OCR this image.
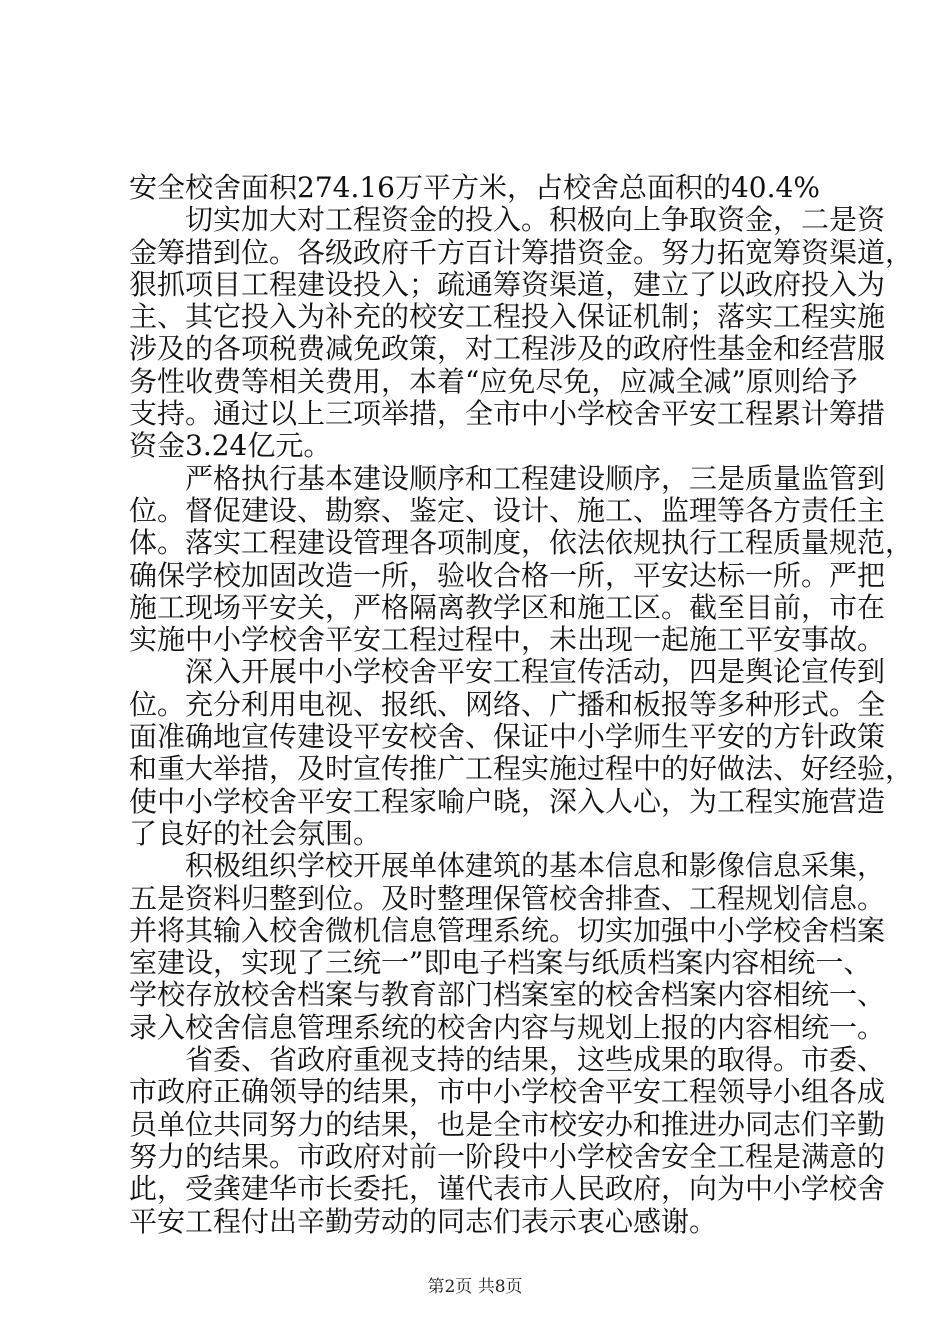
安全校舍面积274.16万平方米，占校舍总面积的40.4%
切实加大对工程资金的投入。积极向上争取资金，二是资
金筹措到位。各级政府千方百计筹措资金。努力拓宽筹资渠道，
狠抓项目工程建设投入；疏通筹资渠道，建立了以政府投入为
主、其它投入为补充的校安工程投入保证机制；落实工程实施
涉及的各项税费减免政策，对工程涉及的政府性基金和经营服
务性收费等相关费用，本着“应免尽免，应减全减”原则给予
支持。通过以上三项举措，全市中小学校舍平安工程累计筹措
资金3.24亿元。
严格执行基本建设顺序和工程建设顺序，三是质量监管到
位。督促建设、勘察、鉴定、设计、施工、监理等各方责任主
体。落实工程建设管理各项制度，依法依规执行工程质量规范，
确保学校加固改造一所，验收合格一所，平安达标一所。严把
施工现场平安关，严格隔离教学区和施工区。截至目前，市在
实施中小学校舍平安工程过程中，未出现一起施工平安事故。
深入开展中小学校舍平安工程宣传活动，四是舆论宣传到
位。充分利用电视、报纸、网络、广播和板报等多种形式。全
面准确地宣传建设平安校舍、保证中小学师生平安的方针政策
和重大举措，及时宣传推广工程实施过程中的好做法、好经验，
使中小学校舍平安工程家喻户晓，深入人心，为工程实施营造
了良好的社会氛围。
积极组织学校开展单体建筑的基本信息和影像信息采集，
五是资料归整到位。及时整理保管校舍排查、工程规划信息。
并将其输入校舍微机信息管理系统。切实加强中小学校舍档案
室建设，实现了三统一”即电子档案与纸质档案内容相统一、
学校存放校舍档案与教育部门档案室的校舍档案内容相统一、
录入校舍信息管理系统的校舍内容与规划上报的内容相统一。
省委、省政府重视支持的结果，这些成果的取得。市委、
市政府正确领导的结果，市中小学校舍平安工程领导小组各成
员单位共同努力的结果，也是全市校安办和推进办同志们辛勤
努力的结果。市政府对前一阶段中小学校舍安全工程是满意的
此，受龚建华市长委托，谨代表市人民政府，向为中小学校舍
平安工程付出辛勤劳动的同志们表示衷心感谢。
第2页 共8页
